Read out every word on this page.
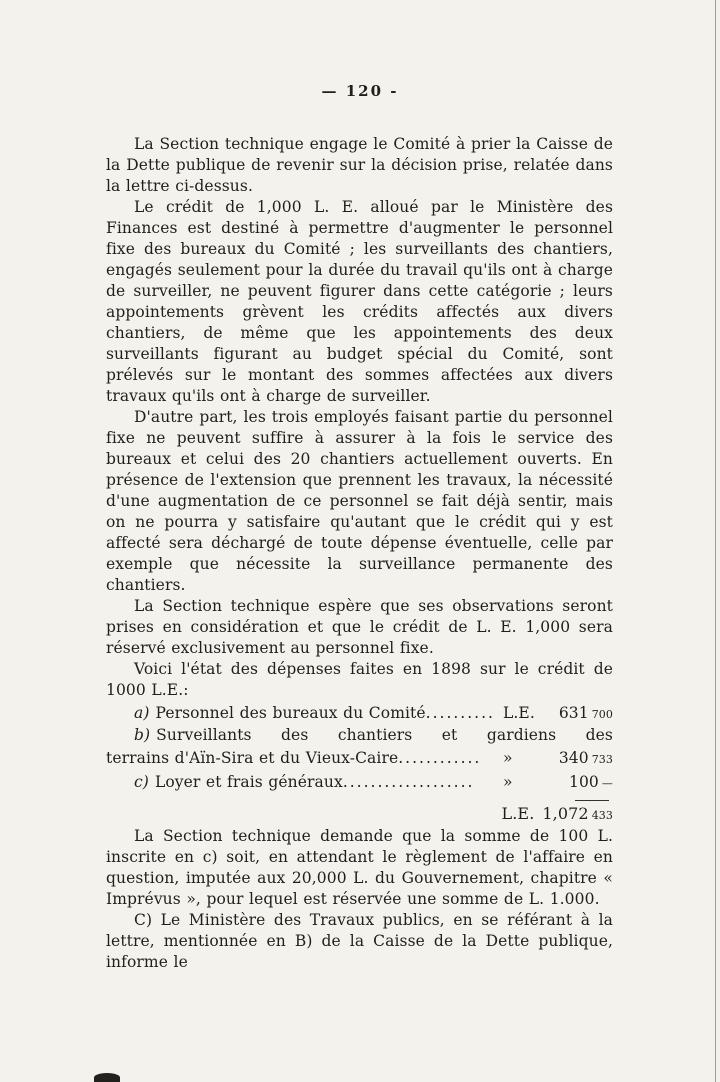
— 120 -

La Section technique engage le Comité à prier la Caisse de la Dette publique de revenir sur la décision prise, relatée dans la lettre ci-dessus.

Le crédit de 1,000 L. E. alloué par le Ministère des Finances est destiné à permettre d'augmenter le personnel fixe des bureaux du Comité ; les surveillants des chantiers, engagés seulement pour la durée du travail qu'ils ont à charge de surveiller, ne peuvent figurer dans cette catégorie ; leurs appointements grèvent les crédits affectés aux divers chantiers, de même que les appointements des deux surveillants figurant au budget spécial du Comité, sont prélevés sur le montant des sommes affectées aux divers travaux qu'ils ont à charge de surveiller.

D'autre part, les trois employés faisant partie du personnel fixe ne peuvent suffire à assurer à la fois le service des bureaux et celui des 20 chantiers actuellement ouverts. En présence de l'extension que prennent les travaux, la nécessité d'une augmentation de ce personnel se fait déjà sentir, mais on ne pourra y satisfaire qu'autant que le crédit qui y est affecté sera déchargé de toute dépense éventuelle, celle par exemple que nécessite la surveillance permanente des chantiers.

La Section technique espère que ses observations seront prises en considération et que le crédit de L. E. 1,000 sera réservé exclusivement au personnel fixe.

Voici l'état des dépenses faites en 1898 sur le crédit de 1000 L.E.:

a) Personnel des bureaux du Comité .......... L.E.	631 700
b) Surveillants des chantiers et gardiens des
terrains d'Aïn-Sira et du Vieux-Caire ............ »	340 733
c) Loyer et frais généraux ................... »	100 —
L.E. 1,072 433

La Section technique demande que la somme de 100 L. inscrite en c) soit, en attendant le règlement de l'affaire en question, imputée aux 20,000 L. du Gouvernement, chapitre « Imprévus », pour lequel est réservée une somme de L. 1.000.

C) Le Ministère des Travaux publics, en se référant à la lettre, mentionnée en B) de la Caisse de la Dette publique, informe le
